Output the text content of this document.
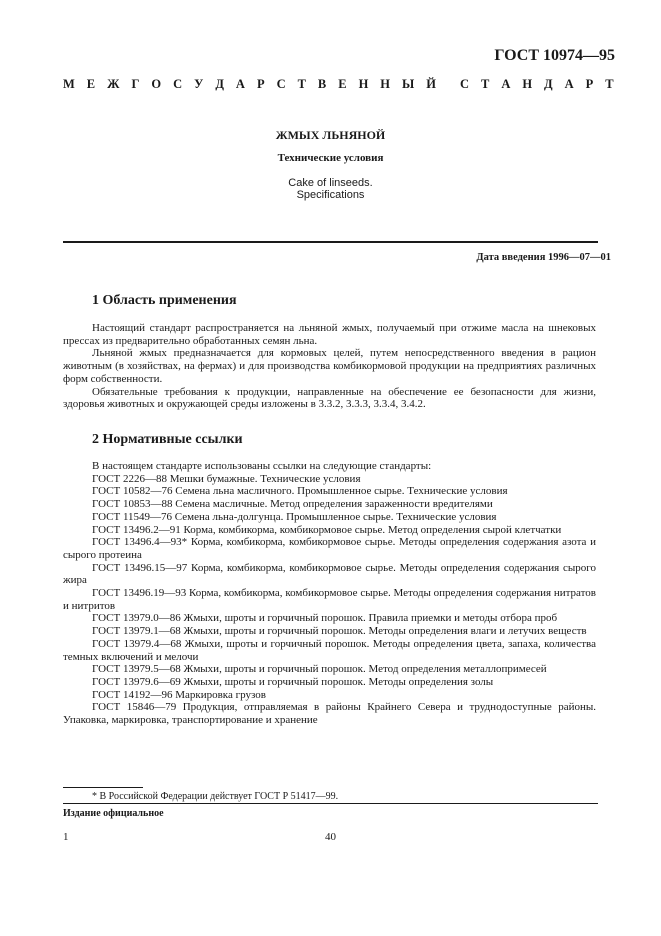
ГОСТ 10974—95
М Е Ж Г О С У Д А Р С Т В Е Н Н Ы Й С Т А Н Д А Р Т
ЖМЫХ ЛЬНЯНОЙ
Технические условия
Cake of linseeds.
Specifications
Дата введения 1996—07—01
1 Область применения

Настоящий стандарт распространяется на льняной жмых, получаемый при отжиме масла на шнековых прессах из предварительно обработанных семян льна.

Льняной жмых предназначается для кормовых целей, путем непосредственного введения в рацион животным (в хозяйствах, на фермах) и для производства комбикормовой продукции на предприятиях различных форм собственности.

Обязательные требования к продукции, направленные на обеспечение ее безопасности для жизни, здоровья животных и окружающей среды изложены в 3.3.2, 3.3.3, 3.3.4, 3.4.2.

2 Нормативные ссылки

В настоящем стандарте использованы ссылки на следующие стандарты:

ГОСТ 2226—88 Мешки бумажные. Технические условия

ГОСТ 10582—76 Семена льна масличного. Промышленное сырье. Технические условия

ГОСТ 10853—88 Семена масличные. Метод определения зараженности вредителями

ГОСТ 11549—76 Семена льна-долгунца. Промышленное сырье. Технические условия

ГОСТ 13496.2—91 Корма, комбикорма, комбикормовое сырье. Метод определения сырой клетчатки

ГОСТ 13496.4—93* Корма, комбикорма, комбикормовое сырье. Методы определения содержания азота и сырого протеина

ГОСТ 13496.15—97 Корма, комбикорма, комбикормовое сырье. Методы определения содержания сырого жира

ГОСТ 13496.19—93 Корма, комбикорма, комбикормовое сырье. Методы определения содержания нитратов и нитритов

ГОСТ 13979.0—86 Жмыхи, шроты и горчичный порошок. Правила приемки и методы отбора проб

ГОСТ 13979.1—68 Жмыхи, шроты и горчичный порошок. Методы определения влаги и летучих веществ

ГОСТ 13979.4—68 Жмыхи, шроты и горчичный порошок. Методы определения цвета, запаха, количества темных включений и мелочи

ГОСТ 13979.5—68 Жмыхи, шроты и горчичный порошок. Метод определения металлопримесей

ГОСТ 13979.6—69 Жмыхи, шроты и горчичный порошок. Методы определения золы

ГОСТ 14192—96 Маркировка грузов

ГОСТ 15846—79 Продукция, отправляемая в районы Крайнего Севера и труднодоступные районы. Упаковка, маркировка, транспортирование и хранение

* В Российской Федерации действует ГОСТ Р 51417—99.
Издание официальное
1	40
